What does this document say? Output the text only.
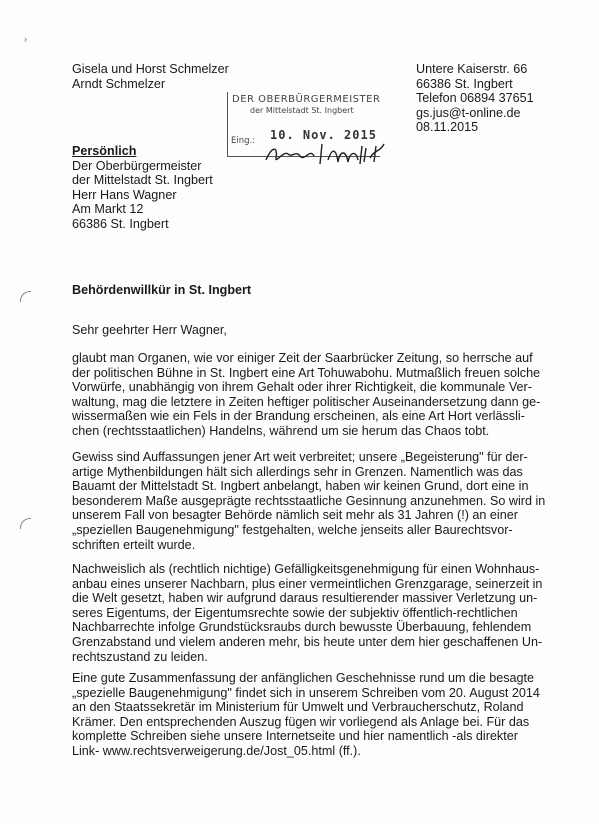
›
Gisela und Horst Schmelzer
Arndt Schmelzer
Untere Kaiserstr. 66
66386 St. Ingbert
Telefon 06894 37651
gs.jus@t-online.de
08.11.2015
DER OBERBÜRGERMEISTER
der Mittelstadt St. Ingbert
Eing.: 10. Nov. 2015
Persönlich
Der Oberbürgermeister
der Mittelstadt St. Ingbert
Herr Hans Wagner
Am Markt 12
66386 St. Ingbert
Behördenwillkür in St. Ingbert
Sehr geehrter Herr Wagner,
glaubt man Organen, wie vor einiger Zeit der Saarbrücker Zeitung, so herrsche auf
der politischen Bühne in St. Ingbert eine Art Tohuwabohu. Mutmaßlich freuen solche
Vorwürfe, unabhängig von ihrem Gehalt oder ihrer Richtigkeit, die kommunale Ver-
waltung, mag die letztere in Zeiten heftiger politischer Auseinandersetzung dann ge-
wissermaßen wie ein Fels in der Brandung erscheinen, als eine Art Hort verlässli-
chen (rechtsstaatlichen) Handelns, während um sie herum das Chaos tobt.
Gewiss sind Auffassungen jener Art weit verbreitet; unsere „Begeisterung" für der-
artige Mythenbildungen hält sich allerdings sehr in Grenzen. Namentlich was das
Bauamt der Mittelstadt St. Ingbert anbelangt, haben wir keinen Grund, dort eine in
besonderem Maße ausgeprägte rechtsstaatliche Gesinnung anzunehmen. So wird in
unserem Fall von besagter Behörde nämlich seit mehr als 31 Jahren (!) an einer
„speziellen Baugenehmigung" festgehalten, welche jenseits aller Baurechtsvor-
schriften erteilt wurde.
Nachweislich als (rechtlich nichtige) Gefälligkeitsgenehmigung für einen Wohnhaus-
anbau eines unserer Nachbarn, plus einer vermeintlichen Grenzgarage, seinerzeit in
die Welt gesetzt, haben wir aufgrund daraus resultierender massiver Verletzung un-
seres Eigentums, der Eigentumsrechte sowie der subjektiv öffentlich-rechtlichen
Nachbarrechte infolge Grundstücksraubs durch bewusste Überbauung, fehlendem
Grenzabstand und vielem anderen mehr, bis heute unter dem hier geschaffenen Un-
rechtszustand zu leiden.
Eine gute Zusammenfassung der anfänglichen Geschehnisse rund um die besagte
„spezielle Baugenehmigung" findet sich in unserem Schreiben vom 20. August 2014
an den Staatssekretär im Ministerium für Umwelt und Verbraucherschutz, Roland
Krämer. Den entsprechenden Auszug fügen wir vorliegend als Anlage bei. Für das
komplette Schreiben siehe unsere Internetseite und hier namentlich -als direkter
Link- www.rechtsverweigerung.de/Jost_05.html (ff.).
